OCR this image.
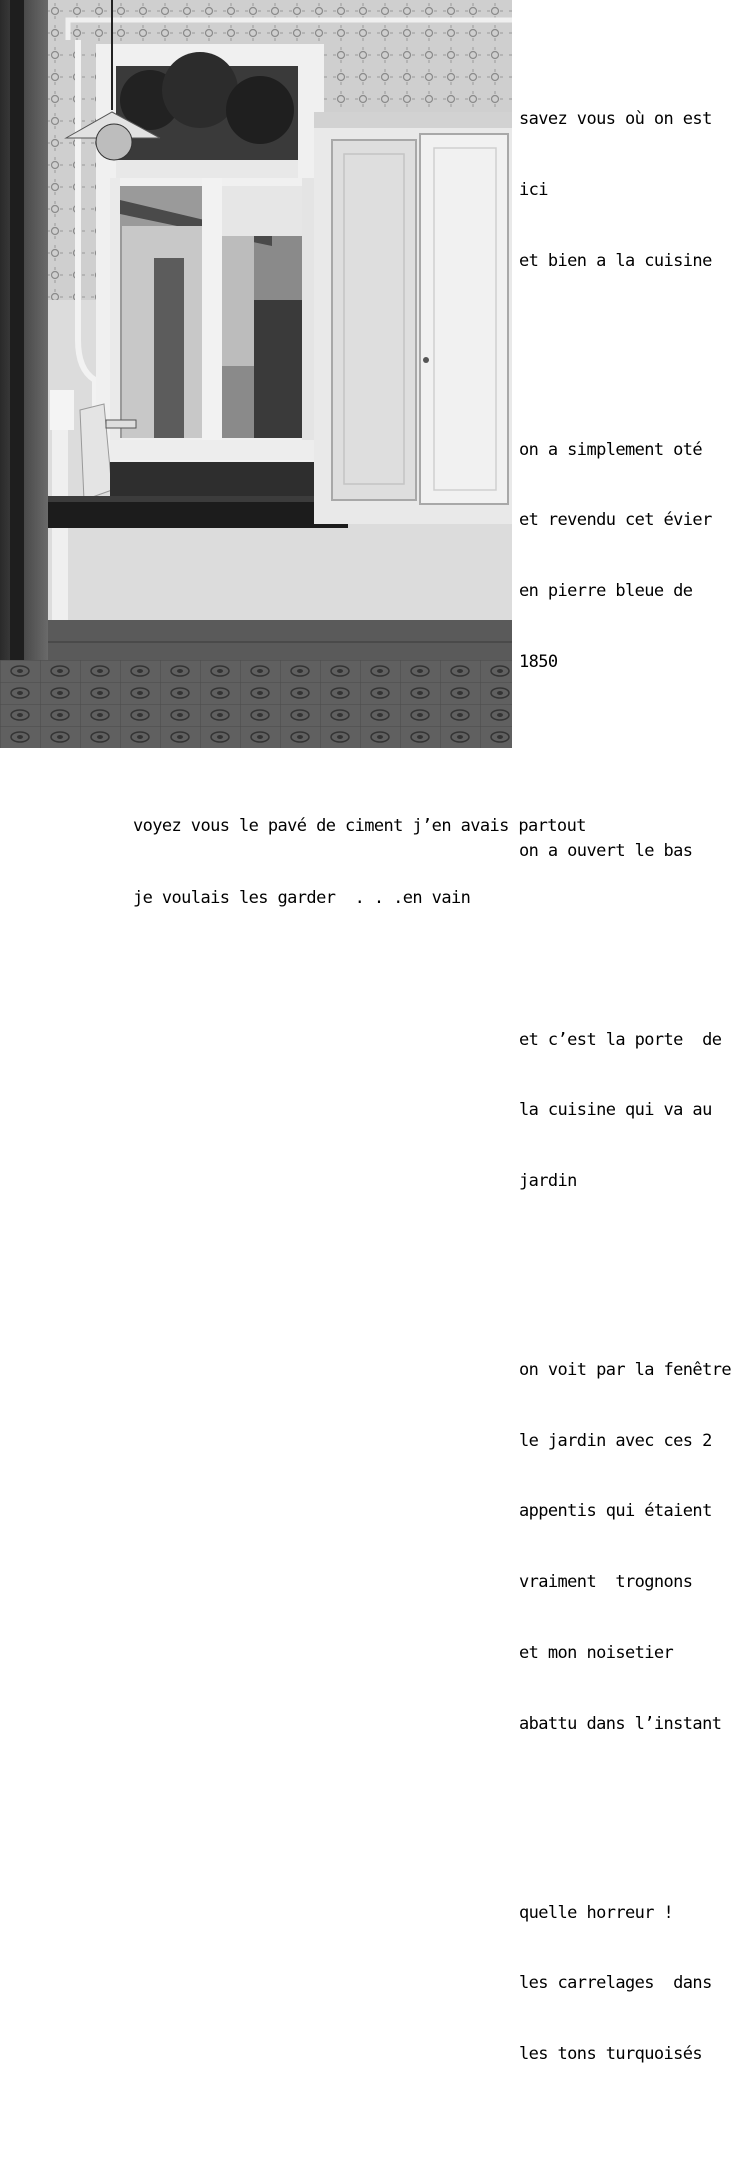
savez vous où on est

ici

et bien a la cuisine

on a simplement oté

et revendu cet évier

en pierre bleue de

1850

on a ouvert le bas

et c’est la porte  de

la cuisine qui va au

jardin

on voit par la fenêtre

le jardin avec ces 2

appentis qui étaient

vraiment  trognons

et mon noisetier

abattu dans l’instant

quelle horreur !

les carrelages  dans

les tons turquoisés

voyez vous le pavé de ciment j’en avais partout

je voulais les garder  . . .en vain
